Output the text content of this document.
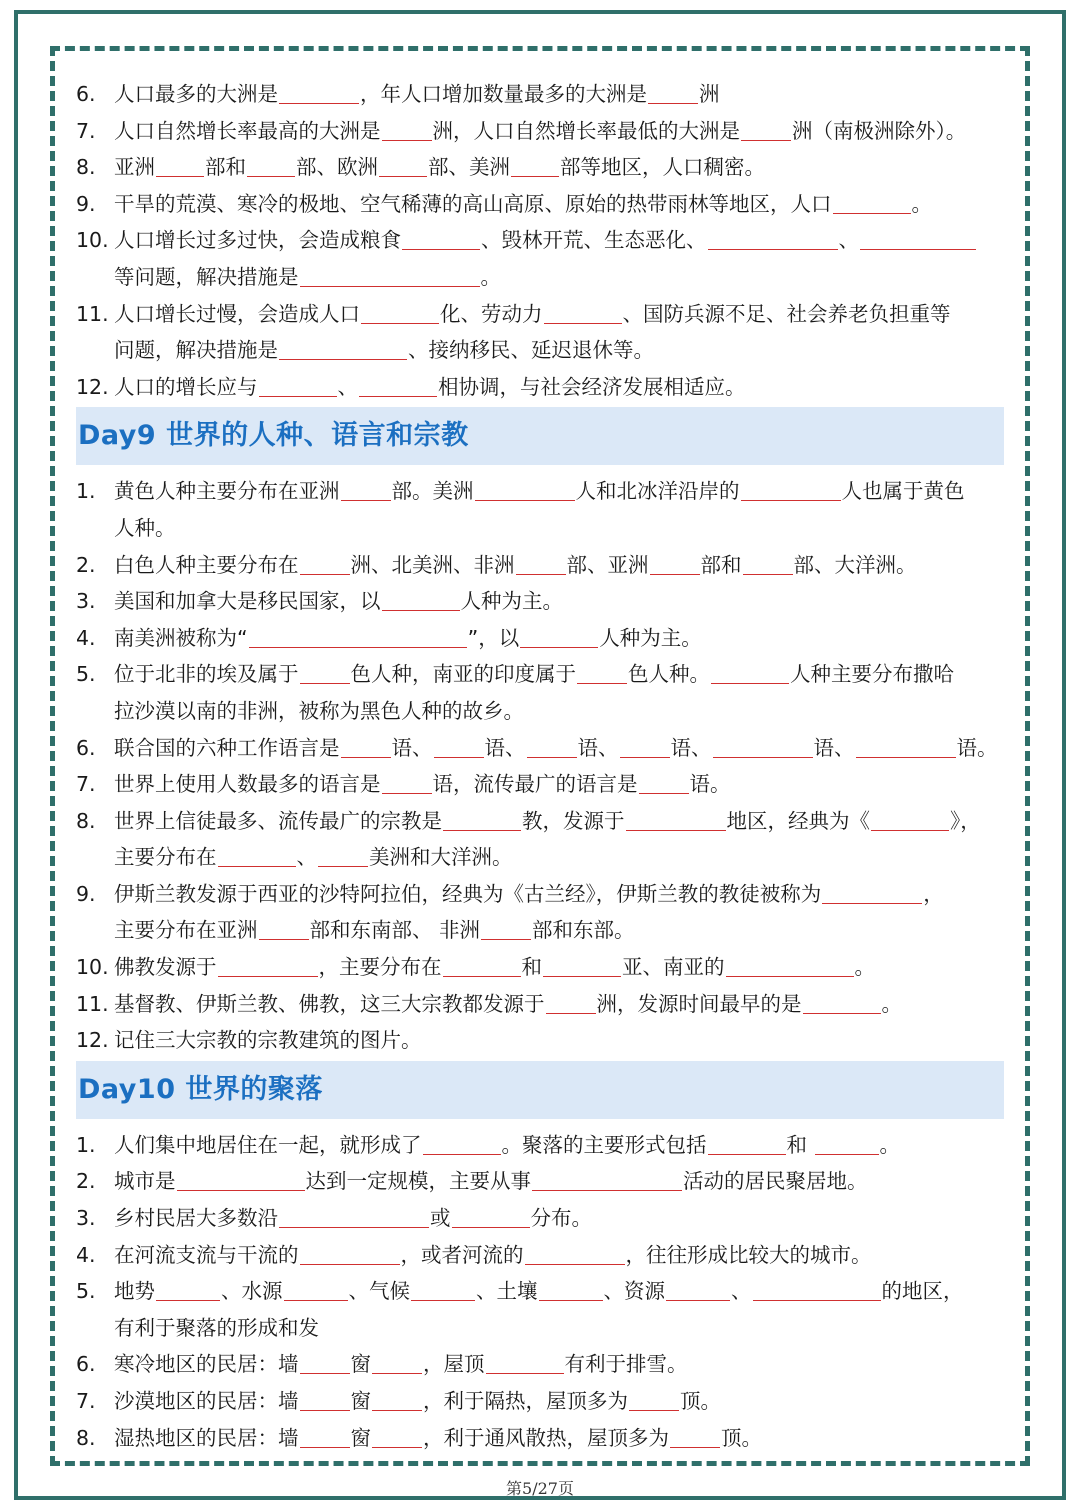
6. 人口最多的大洲是	，年人口增加数量最多的大洲是	洲
7. 人口自然增长率最高的大洲是	洲，人口自然增长率最低的大洲是	洲（南极洲除外）。
8. 亚洲 部和 部、欧洲 部、美洲 部等地区，人口稠密。
9. 干旱的荒漠、寒冷的极地、空气稀薄的高山高原、原始的热带雨林等地区，人口	。
10. 人口增长过多过快，会造成粮食	、毁林开荒、生态恶化、	、
等问题，解决措施是	。
11. 人口增长过慢，会造成人口	化、劳动力	、国防兵源不足、社会养老负担重等
问题，解决措施是	、接纳移民、延迟退休等。
12. 人口的增长应与	、	相协调，与社会经济发展相适应。
Day9 世界的人种、语言和宗教
1. 黄色人种主要分布在亚洲	部。美洲	人和北冰洋沿岸的	人也属于黄色
人种。
2. 白色人种主要分布在	洲、北美洲、非洲	部、亚洲	部和	部、大洋洲。
3. 美国和加拿大是移民国家，以	人种为主。
4. 南美洲被称为“	”，以	人种为主。
5. 位于北非的埃及属于	色人种，南亚的印度属于	色人种。	人种主要分布撒哈
拉沙漠以南的非洲，被称为黑色人种的故乡。
6. 联合国的六种工作语言是	语、	语、	语、	语、	语、	语。
7. 世界上使用人数最多的语言是	语，流传最广的语言是	语。
8. 世界上信徒最多、流传最广的宗教是	教，发源于	地区，经典为《	》，
主要分布在	、	美洲和大洋洲。
9. 伊斯兰教发源于西亚的沙特阿拉伯，经典为《古兰经》，伊斯兰教的教徒被称为	，
主要分布在亚洲	部和东南部、 非洲	部和东部。
10. 佛教发源于	，主要分布在	和	亚、南亚的	。
11. 基督教、伊斯兰教、佛教，这三大宗教都发源于	洲，发源时间最早的是	。
12. 记住三大宗教的宗教建筑的图片。
Day10 世界的聚落
1. 人们集中地居住在一起，就形成了	。聚落的主要形式包括	和	。
2. 城市是	达到一定规模，主要从事	活动的居民聚居地。
3. 乡村民居大多数沿	或	分布。
4. 在河流支流与干流的	，或者河流的	，往往形成比较大的城市。
5. 地势	、水源	、气候	、土壤	、资源	、	的地区，
有利于聚落的形成和发
6. 寒冷地区的民居：墙	窗	，屋顶	有利于排雪。
7. 沙漠地区的民居：墙	窗	，利于隔热，屋顶多为	顶。
8. 湿热地区的民居：墙	窗	，利于通风散热，屋顶多为	顶。
第5/27页
